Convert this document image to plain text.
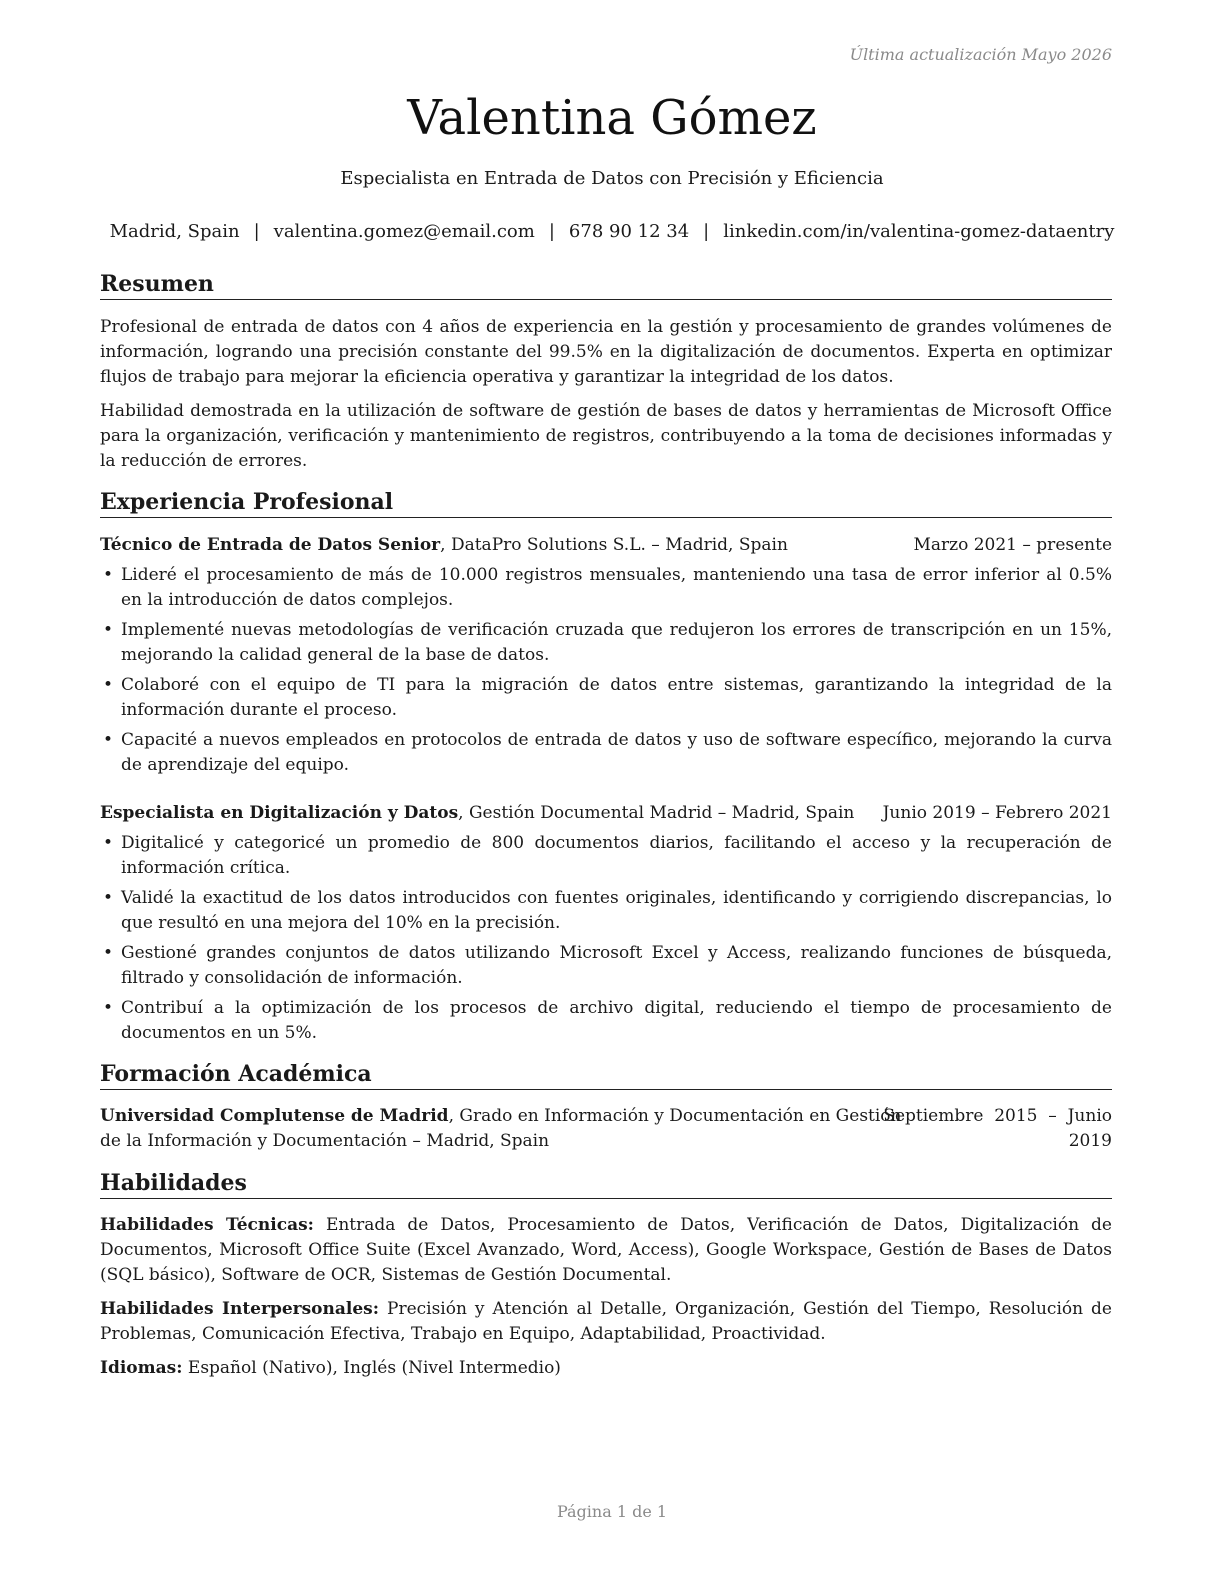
Última actualización Mayo 2026
Valentina Gómez
Especialista en Entrada de Datos con Precisión y Eficiencia
Madrid, Spain | valentina.gomez@email.com | 678 90 12 34 | linkedin.com/in/valentina-gomez-dataentry
Resumen

Profesional de entrada de datos con 4 años de experiencia en la gestión y procesamiento de grandes volúmenes de información, logrando una precisión constante del 99.5% en la digitalización de documentos. Experta en optimizar flujos de trabajo para mejorar la eficiencia operativa y garantizar la integridad de los datos.

Habilidad demostrada en la utilización de software de gestión de bases de datos y herramientas de Microsoft Office para la organización, verificación y mantenimiento de registros, contribuyendo a la toma de decisiones informadas y la reducción de errores.

Experiencia Profesional
Técnico de Entrada de Datos Senior, DataPro Solutions S.L. – Madrid, Spain	Marzo 2021 – presente
• Lideré el procesamiento de más de 10.000 registros mensuales, manteniendo una tasa de error inferior al 0.5% en la introducción de datos complejos.
• Implementé nuevas metodologías de verificación cruzada que redujeron los errores de transcripción en un 15%, mejorando la calidad general de la base de datos.
• Colaboré con el equipo de TI para la migración de datos entre sistemas, garantizando la integridad de la información durante el proceso.
• Capacité a nuevos empleados en protocolos de entrada de datos y uso de software específico, mejorando la curva de aprendizaje del equipo.
Especialista en Digitalización y Datos, Gestión Documental Madrid – Madrid, Spain Junio 2019 – Febrero 2021
• Digitalicé y categoricé un promedio de 800 documentos diarios, facilitando el acceso y la recuperación de información crítica.
• Validé la exactitud de los datos introducidos con fuentes originales, identificando y corrigiendo discrepancias, lo que resultó en una mejora del 10% en la precisión.
• Gestioné grandes conjuntos de datos utilizando Microsoft Excel y Access, realizando funciones de búsqueda, filtrado y consolidación de información.
• Contribuí a la optimización de los procesos de archivo digital, reduciendo el tiempo de procesamiento de documentos en un 5%.
Formación Académica
Universidad Complutense de Madrid, Grado en Información y Documentación en Gestión
de la Información y Documentación – Madrid, Spain
Septiembre  2015  –  Junio
2019
Habilidades

Habilidades Técnicas: Entrada de Datos, Procesamiento de Datos, Verificación de Datos, Digitalización de Documentos, Microsoft Office Suite (Excel Avanzado, Word, Access), Google Workspace, Gestión de Bases de Datos (SQL básico), Software de OCR, Sistemas de Gestión Documental.

Habilidades Interpersonales: Precisión y Atención al Detalle, Organización, Gestión del Tiempo, Resolución de Problemas, Comunicación Efectiva, Trabajo en Equipo, Adaptabilidad, Proactividad.

Idiomas: Español (Nativo), Inglés (Nivel Intermedio)

Página 1 de 1
